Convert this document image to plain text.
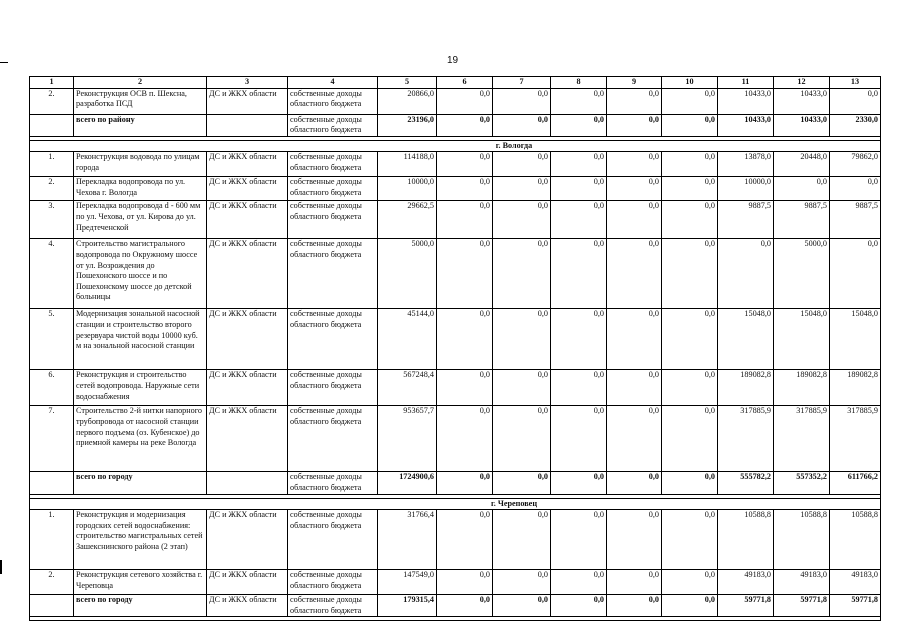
19
1	2	3	4	5	6	7	8	9	10	11	12	13
2.	Реконструкция ОСВ п. Шексна, разработка ПСД	ДС и ЖКХ области	собственные доходы областного бюджета	20866,0	0,0	0,0	0,0	0,0	0,0	10433,0	10433,0	0,0
	всего по району		собственные доходы областного бюджета	23196,0	0,0	0,0	0,0	0,0	0,0	10433,0	10433,0	2330,0

г. Вологда												
1.	Реконструкция водовода по улицам города	ДС и ЖКХ области	собственные доходы областного бюджета	114188,0	0,0	0,0	0,0	0,0	0,0	13878,0	20448,0	79862,0
2.	Перекладка водопровода по ул. Чехова г. Вологда	ДС и ЖКХ области	собственные доходы областного бюджета	10000,0	0,0	0,0	0,0	0,0	0,0	10000,0	0,0	0,0
3.	Перекладка водопровода d - 600 мм по ул. Чехова, от ул. Кирова до ул. Предтеченской	ДС и ЖКХ области	собственные доходы областного бюджета	29662,5	0,0	0,0	0,0	0,0	0,0	9887,5	9887,5	9887,5
4.	Строительство магистрального водопровода по Окружному шоссе от ул. Возрождения до Пошехонского шоссе и по Пошехонскому шоссе до детской больницы	ДС и ЖКХ области	собственные доходы областного бюджета	5000,0	0,0	0,0	0,0	0,0	0,0	0,0	5000,0	0,0
5.	Модернизация зональной насосной станции и строительство второго резервуара чистой воды 10000 куб. м на зональной насосной станции	ДС и ЖКХ области	собственные доходы областного бюджета	45144,0	0,0	0,0	0,0	0,0	0,0	15048,0	15048,0	15048,0
6.	Реконструкция и строительство сетей водопровода. Наружные сети водоснабжения	ДС и ЖКХ области	собственные доходы областного бюджета	567248,4	0,0	0,0	0,0	0,0	0,0	189082,8	189082,8	189082,8
7.	Строительство 2-й нитки напорного трубопровода от насосной станции первого подъема (оз. Кубенское) до приемной камеры на реке Вологда	ДС и ЖКХ области	собственные доходы областного бюджета	953657,7	0,0	0,0	0,0	0,0	0,0	317885,9	317885,9	317885,9
	всего по городу		собственные доходы областного бюджета	1724900,6	0,0	0,0	0,0	0,0	0,0	555782,2	557352,2	611766,2

г. Череповец												
1.	Реконструкция и модернизация городских сетей водоснабжения: строительство магистральных сетей Зашекснинского района (2 этап)	ДС и ЖКХ области	собственные доходы областного бюджета	31766,4	0,0	0,0	0,0	0,0	0,0	10588,8	10588,8	10588,8
2.	Реконструкция сетевого хозяйства г. Череповца	ДС и ЖКХ области	собственные доходы областного бюджета	147549,0	0,0	0,0	0,0	0,0	0,0	49183,0	49183,0	49183,0
	всего по городу	ДС и ЖКХ области	собственные доходы областного бюджета	179315,4	0,0	0,0	0,0	0,0	0,0	59771,8	59771,8	59771,8
